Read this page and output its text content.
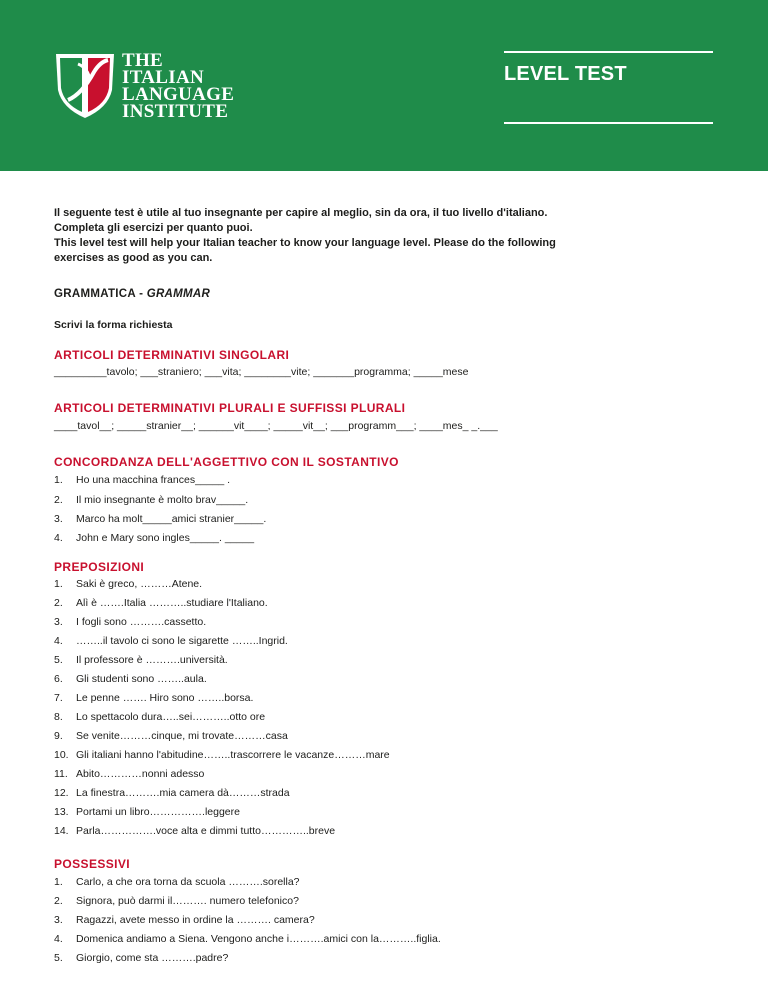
THE
ITALIAN
LANGUAGE
INSTITUTE
LEVEL TEST
Il seguente test è utile al tuo insegnante per capire al meglio, sin da ora, il tuo livello d'italiano.
Completa gli esercizi per quanto puoi.
This level test will help your Italian teacher to know your language level. Please do the following
exercises as good as you can.
GRAMMATICA - GRAMMAR
Scrivi la forma richiesta
ARTICOLI DETERMINATIVI SINGOLARI
_________tavolo; ___straniero; ___vita; ________vite; _______programma; _____mese
ARTICOLI DETERMINATIVI PLURALI E SUFFISSI PLURALI
____tavol__; _____stranier__; ______vit____; _____vit__; ___programm___; ____mes_ _.___
CONCORDANZA DELL'AGGETTIVO CON IL SOSTANTIVO
1. Ho una macchina frances_____ .
2. Il mio insegnante è molto brav_____.
3. Marco ha molt_____amici stranier_____.
4. John e Mary sono ingles_____. _____
PREPOSIZIONI
1. Saki è greco, ………Atene.
2. Alì è …….Italia ………..studiare l'Italiano.
3. I fogli sono ……….cassetto.
4. ……..il tavolo ci sono le sigarette ……..Ingrid.
5. Il professore è ……….università.
6. Gli studenti sono ……..aula.
7. Le penne ……. Hiro sono ……..borsa.
8. Lo spettacolo dura…..sei………..otto ore
9. Se venite………cinque, mi trovate………casa
10. Gli italiani hanno l'abitudine……..trascorrere le vacanze………mare
11. Abito…………nonni adesso
12. La finestra……….mia camera dà………strada
13. Portami un libro…………….leggere
14. Parla…………….voce alta e dimmi tutto…………..breve
POSSESSIVI
1. Carlo, a che ora torna da scuola ……….sorella?
2. Signora, può darmi il………. numero telefonico?
3. Ragazzi, avete messo in ordine la ………. camera?
4. Domenica andiamo a Siena. Vengono anche i……….amici con la………..figlia.
5. Giorgio, come sta ……….padre?
